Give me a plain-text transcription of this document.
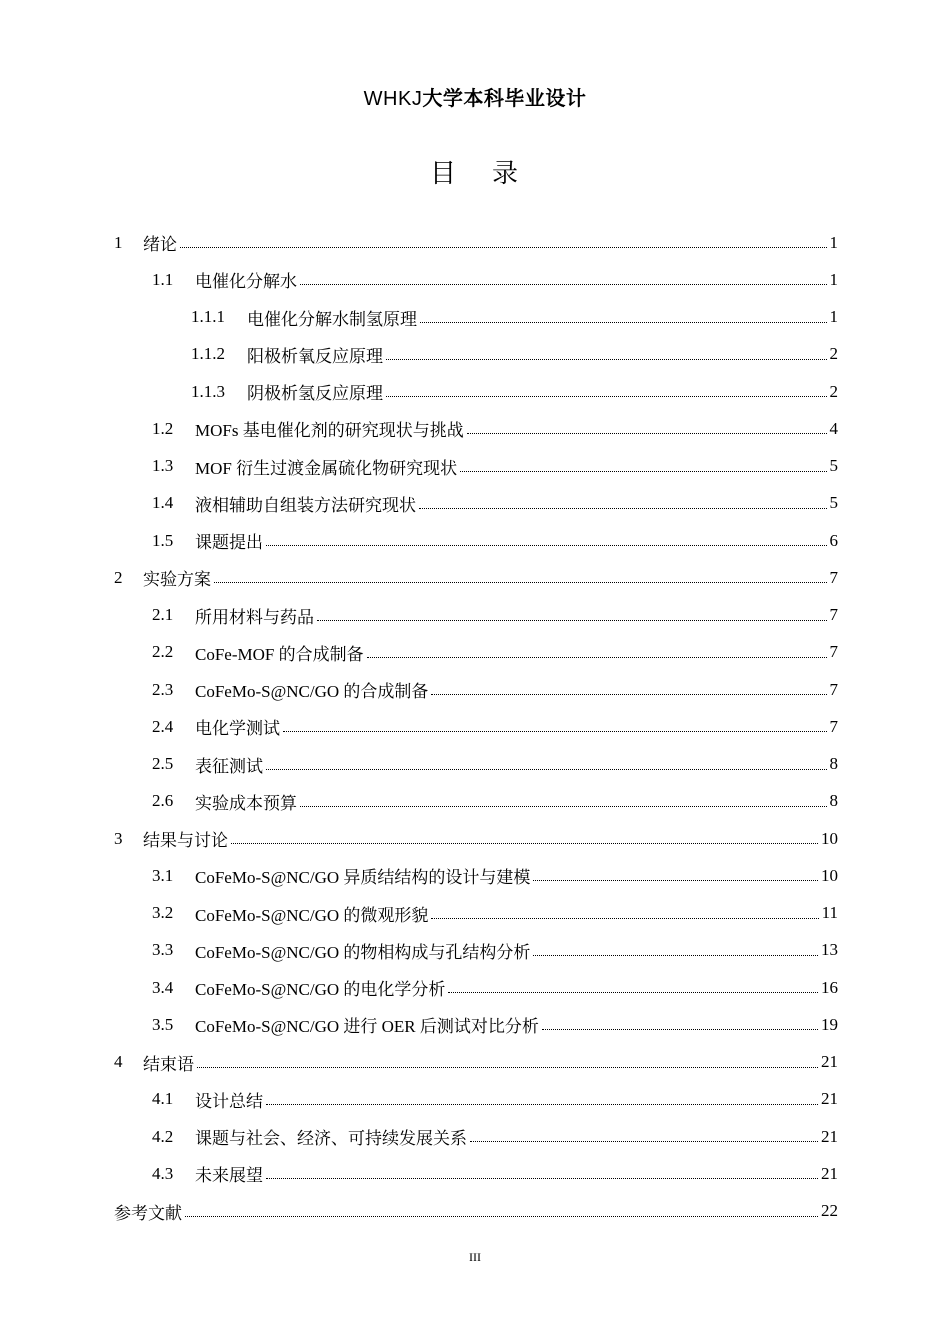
WHKJ大学本科毕业设计
目 录
1	绪论	1
1.1	电催化分解水	1
1.1.1	电催化分解水制氢原理	1
1.1.2	阳极析氧反应原理	2
1.1.3	阴极析氢反应原理	2
1.2	MOFs 基电催化剂的研究现状与挑战	4
1.3	MOF 衍生过渡金属硫化物研究现状	5
1.4	液相辅助自组装方法研究现状	5
1.5	课题提出	6
2	实验方案	7
2.1	所用材料与药品	7
2.2	CoFe-MOF 的合成制备	7
2.3	CoFeMo-S@NC/GO 的合成制备	7
2.4	电化学测试	7
2.5	表征测试	8
2.6	实验成本预算	8
3	结果与讨论	10
3.1	CoFeMo-S@NC/GO 异质结结构的设计与建模	10
3.2	CoFeMo-S@NC/GO 的微观形貌	11
3.3	CoFeMo-S@NC/GO 的物相构成与孔结构分析	13
3.4	CoFeMo-S@NC/GO 的电化学分析	16
3.5	CoFeMo-S@NC/GO 进行 OER 后测试对比分析	19
4	结束语	21
4.1	设计总结	21
4.2	课题与社会、经济、可持续发展关系	21
4.3	未来展望	21
参考文献	22
III
